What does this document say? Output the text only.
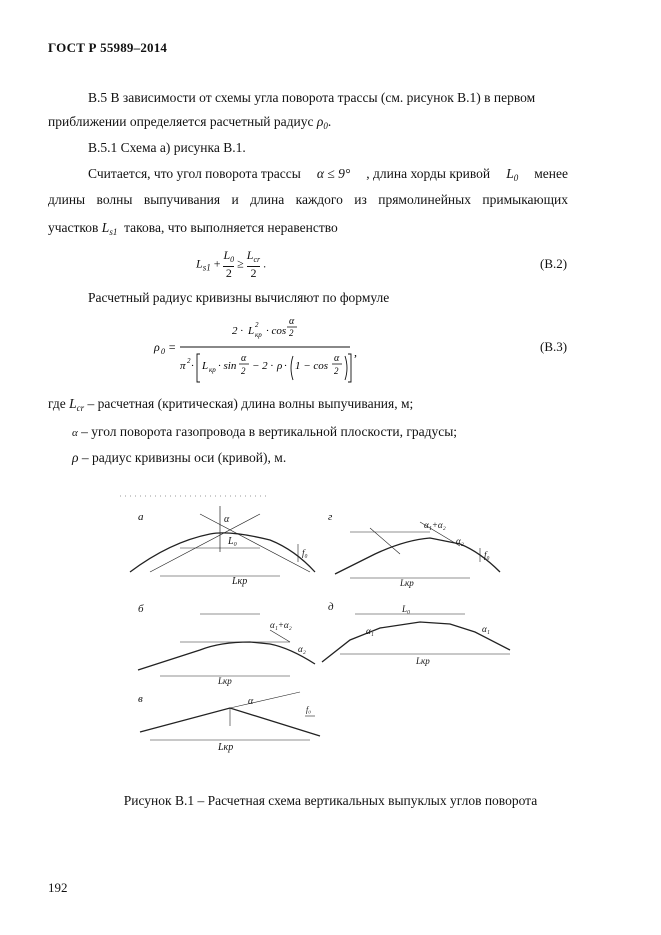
ГОСТ Р 55989–2014
В.5 В зависимости от схемы угла поворота трассы (см. рисунок В.1) в первом
приближении определяется расчетный радиус $\rho_0$.
В.5.1 Схема а) рисунка В.1.
Считается, что угол поворота трассы α ≤ 9° , длина хорды кривой $L_0$ менее
длины волны выпучивания и длина каждого из прямолинейных примыкающих
участков $L_{s1}$ такова, что выполняется неравенство
$L_{s1} + \frac{L_0}{2} \ge \frac{L_{cr}}{2}$ .	(В.2)
Расчетный радиус кривизны вычисляют по формуле
ρ 0 =
2 · L кр
2 · cos
α
2
π 2 · L кр · sin
α
2 − 2 · ρ · 1 − cos
α
2
,	(В.3)
где $L_{cr}$ – расчетная (критическая) длина волны выпучивания, м;
α – угол поворота газопровода в вертикальной плоскости, градусы;
ρ – радиус кривизны оси (кривой), м.
а	α
L₀
Lкр
f₀
г
α₁+α₂
α₂
Lкр
f₀
б
α₁+α₂
α₂
Lкр
д	L₀
α₁	α₁
Lкр
в	α
Lкр
f₀
Рисунок В.1 – Расчетная схема вертикальных выпуклых углов поворота
192
